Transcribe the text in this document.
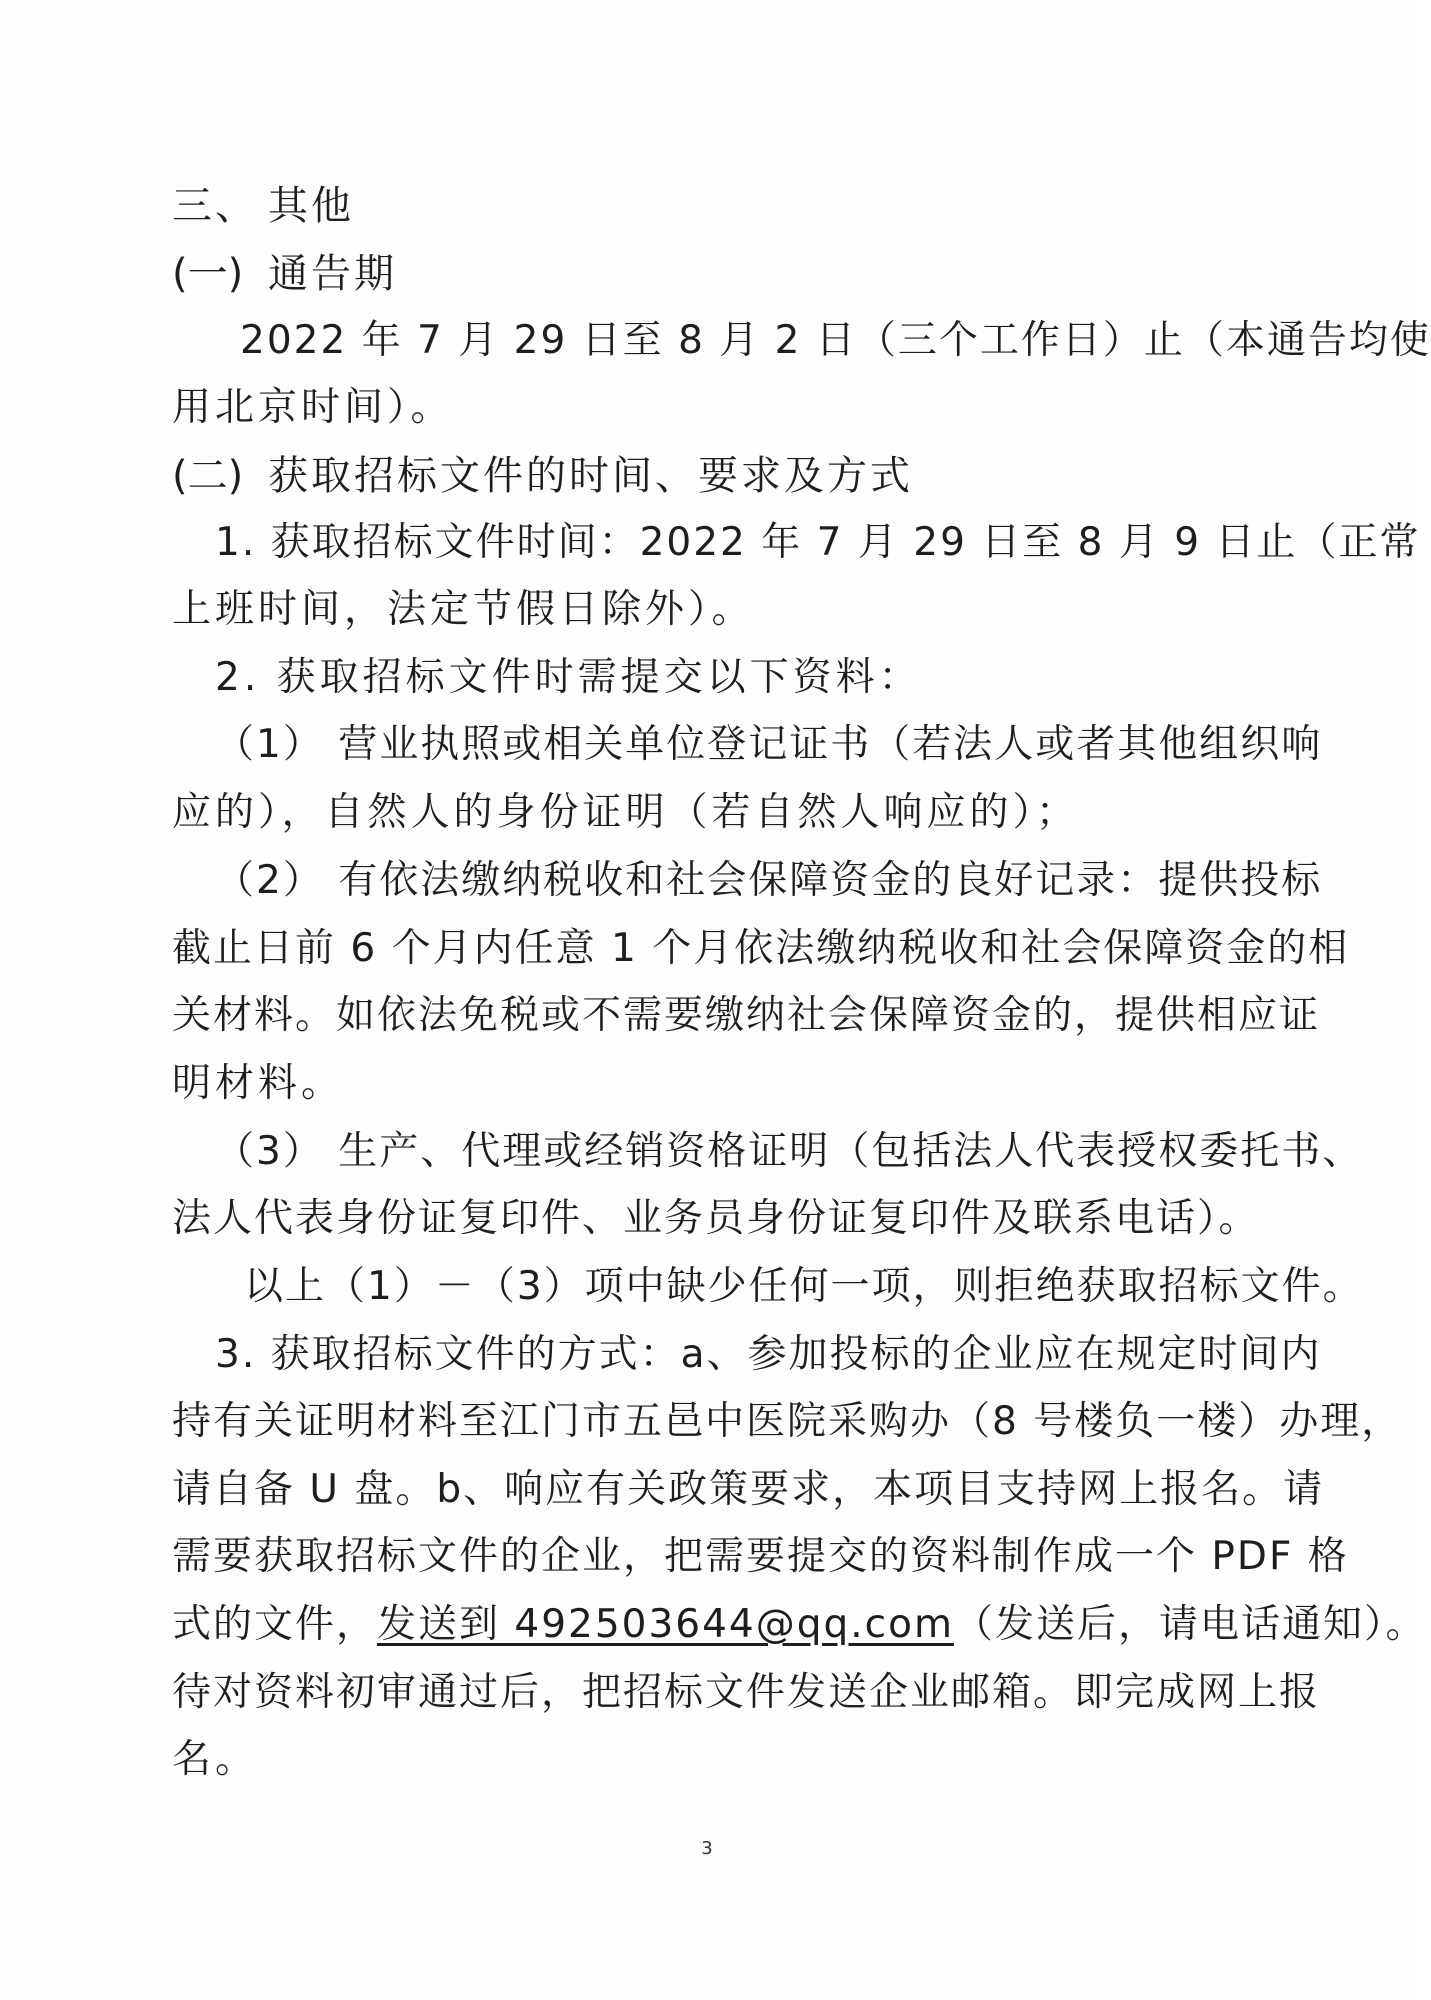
三、 其他
(一) 通告期
2022 年 7 月 29 日至 8 月 2 日（三个工作日）止（本通告均使
用北京时间）。
(二) 获取招标文件的时间、要求及方式
1. 获取招标文件时间：2022 年 7 月 29 日至 8 月 9 日止（正常
上班时间，法定节假日除外）。
2. 获取招标文件时需提交以下资料：
（1） 营业执照或相关单位登记证书（若法人或者其他组织响
应的），自然人的身份证明（若自然人响应的）；
（2） 有依法缴纳税收和社会保障资金的良好记录：提供投标
截止日前 6 个月内任意 1 个月依法缴纳税收和社会保障资金的相
关材料。如依法免税或不需要缴纳社会保障资金的，提供相应证
明材料。
（3） 生产、代理或经销资格证明（包括法人代表授权委托书、
法人代表身份证复印件、业务员身份证复印件及联系电话）。
以上（1）－（3）项中缺少任何一项，则拒绝获取招标文件。
3. 获取招标文件的方式：a、参加投标的企业应在规定时间内
持有关证明材料至江门市五邑中医院采购办（8 号楼负一楼）办理，
请自备 U 盘。b、响应有关政策要求，本项目支持网上报名。请
需要获取招标文件的企业，把需要提交的资料制作成一个 PDF 格
式的文件，发送到 492503644@qq.com（发送后，请电话通知）。
待对资料初审通过后，把招标文件发送企业邮箱。即完成网上报
名。
3
